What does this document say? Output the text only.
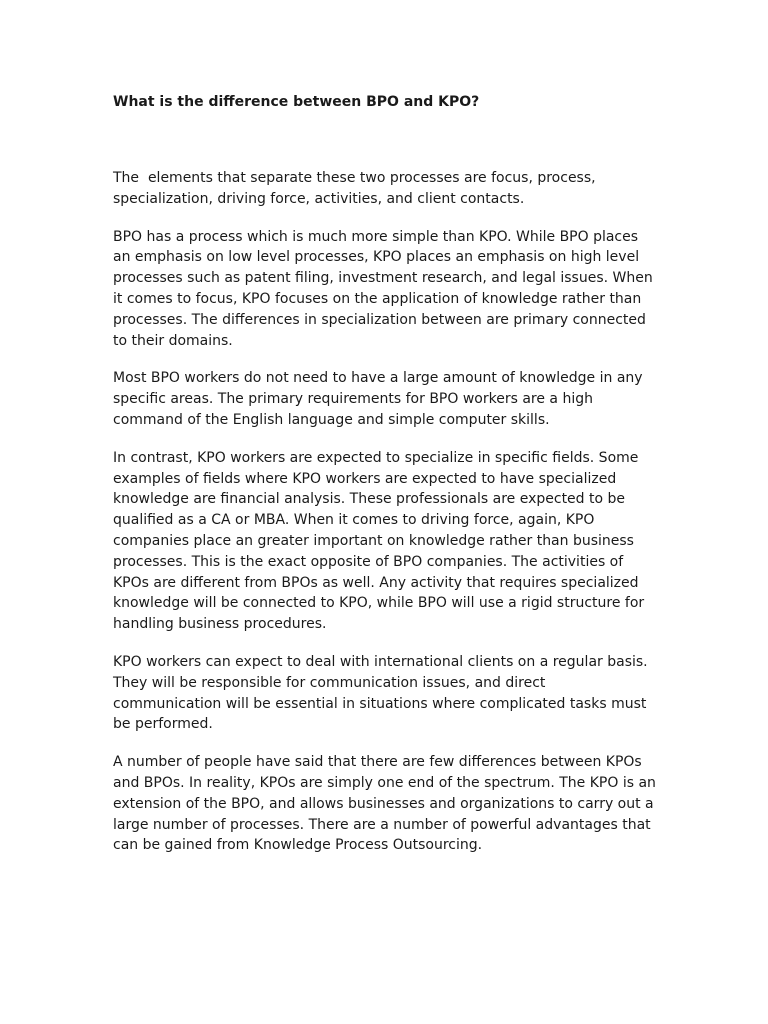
What is the difference between BPO and KPO?

The  elements that separate these two processes are focus, process, specialization, driving force, activities, and client contacts.

BPO has a process which is much more simple than KPO. While BPO places an emphasis on low level processes, KPO places an emphasis on high level processes such as patent filing, investment research, and legal issues. When it comes to focus, KPO focuses on the application of knowledge rather than processes. The differences in specialization between are primary connected to their domains.

Most BPO workers do not need to have a large amount of knowledge in any specific areas. The primary requirements for BPO workers are a high command of the English language and simple computer skills.

In contrast, KPO workers are expected to specialize in specific fields. Some examples of fields where KPO workers are expected to have specialized knowledge are financial analysis. These professionals are expected to be qualified as a CA or MBA. When it comes to driving force, again, KPO companies place an greater important on knowledge rather than business processes. This is the exact opposite of BPO companies. The activities of KPOs are different from BPOs as well. Any activity that requires specialized knowledge will be connected to KPO, while BPO will use a rigid structure for handling business procedures.

KPO workers can expect to deal with international clients on a regular basis. They will be responsible for communication issues, and direct communication will be essential in situations where complicated tasks must be performed.

A number of people have said that there are few differences between KPOs and BPOs. In reality, KPOs are simply one end of the spectrum. The KPO is an extension of the BPO, and allows businesses and organizations to carry out a large number of processes. There are a number of powerful advantages that can be gained from Knowledge Process Outsourcing.
